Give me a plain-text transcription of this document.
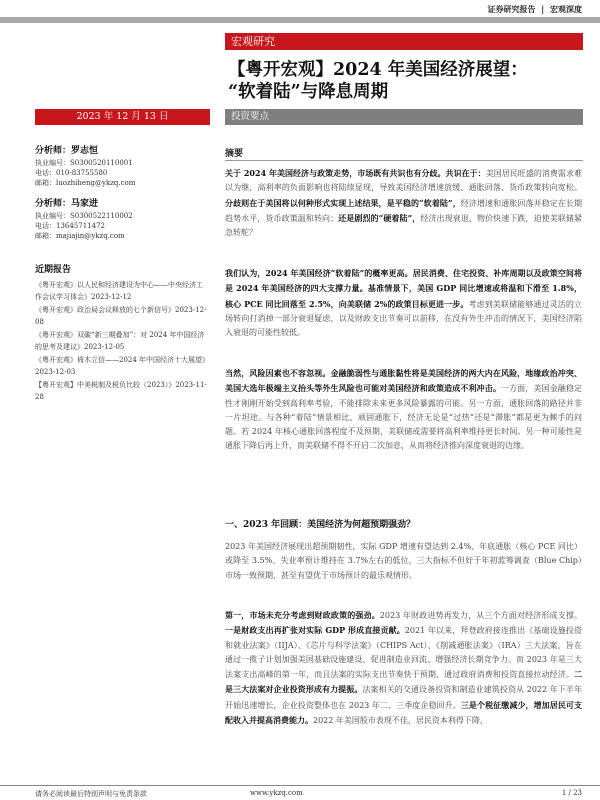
证券研究报告 | 宏观深度
宏观研究
【粤开宏观】2024 年美国经济展望：
“软着陆”与降息周期
2023 年 12 月 13 日	投资要点
分析师：罗志恒
执业编号：S0300520110001
电话：010-83755580
邮箱：luozhiheng@ykzq.com
分析师：马家进
执业编号：S0300522110002
电话：13645711472
邮箱：majiajin@ykzq.com
近期报告
《粤开宏观》以人民和经济建设为中心——中央经济工作会议学习体会》2023-12-12
《粤开宏观》政治局会议释放的七个新信号》2023-12-08
《粤开宏观》双碳“新三期叠加”：对 2024 年中国经济的思考及建议》2023-12-05
《粤开宏观》倚木立信——2024 年中国经济十大展望》2023-12-03
【粤开宏观】中美税制及税负比较（2023）》2023-11-28
摘要
关于 2024 年美国经济与政策走势，市场既有共识也有分歧。共识在于：美国居民旺盛的消费需求难以为继，高利率的负面影响也将陆续显现，导致美国经济增速放缓、通胀回落、货币政策转向宽松。分歧则在于美国将以何种形式实现上述结果，是平稳的“软着陆”，经济增速和通胀回落并稳定在长期趋势水平，货币政策温和转向；还是剧烈的“硬着陆”，经济出现衰退、物价快速下跌，迫使美联储紧急转舵？
我们认为，2024 年美国经济“软着陆”的概率更高。居民消费、住宅投资、补库周期以及政策空间将是 2024 年美国经济的四大支撑力量。基准情景下，美国 GDP 同比增速或将温和下滑至 1.8%，核心 PCE 同比回落至 2.5%，向美联储 2%的政策目标更进一步。考虑到美联储能够通过灵活的立场转向打消掉一部分衰退疑虑，以及财政支出节奏可以前移，在没有外生冲击的情况下，美国经济陷入衰退的可能性较低。
当然，风险因素也不容忽视。金融脆弱性与通胀黏性将是美国经济的两大内在风险，地缘政治冲突、美国大选年极端主义抬头等外生风险也可能对美国经济和政策造成不利冲击。一方面，美国金融稳定性才刚刚开始受到高利率考验，不能排除未来更多风险暴露的可能。另一方面，通胀回落的路径并非一片坦途。与各种“着陆”情景相比，顽固通胀下，经济无论是“过热”还是“滞胀”都是更为棘手的问题。若 2024 年核心通胀回落程度不及预期，美联储或需要将高利率维持更长时间。另一种可能性是通胀下降后再上升，而美联储不得不开启二次加息，从而将经济推向深度衰退的边缘。
一、2023 年回顾：美国经济为何超预期强劲？
2023 年美国经济展现出超预期韧性，实际 GDP 增速有望达到 2.4%、年底通胀（核心 PCE 同比）或降至 3.5%、失业率预计维持在 3.7%左右的低位，三大指标不但好于年初蓝筹调查（Blue Chip）市场一致预期，甚至有望优于市场预计的最乐观情形。
第一，市场未充分考虑到财政政策的强劲。2023 年财政进势再发力，从三个方面对经济形成支撑。一是财政支出再扩张对实际 GDP 形成直接贡献。2021 年以来，拜登政府接连推出《基础设施投资和就业法案》（IIJA）、《芯片与科学法案》（CHIPS Act）、《削减通胀法案》（IRA）三大法案，旨在通过一揽子计划加强美国基础设施建设、促进制造业回流、增强经济长期竞争力。而 2023 年是三大法案支出高峰的第一年，而且法案的实际支出节奏快于预期，通过政府消费和投资直接拉动经济。二是三大法案对企业投资形成有力提振。法案相关的交通设备投资和制造业建筑投资从 2022 年下半年开始迅速增长，企业投资整体也在 2023 年二、三季度企稳回升。三是个税征缴减少，增加居民可支配收入并提高消费能力。2022 年美国股市表现不佳，居民资本利得下降，
请务必阅读最后特别声明与免责条款	www.ykzq.com	1 / 23
